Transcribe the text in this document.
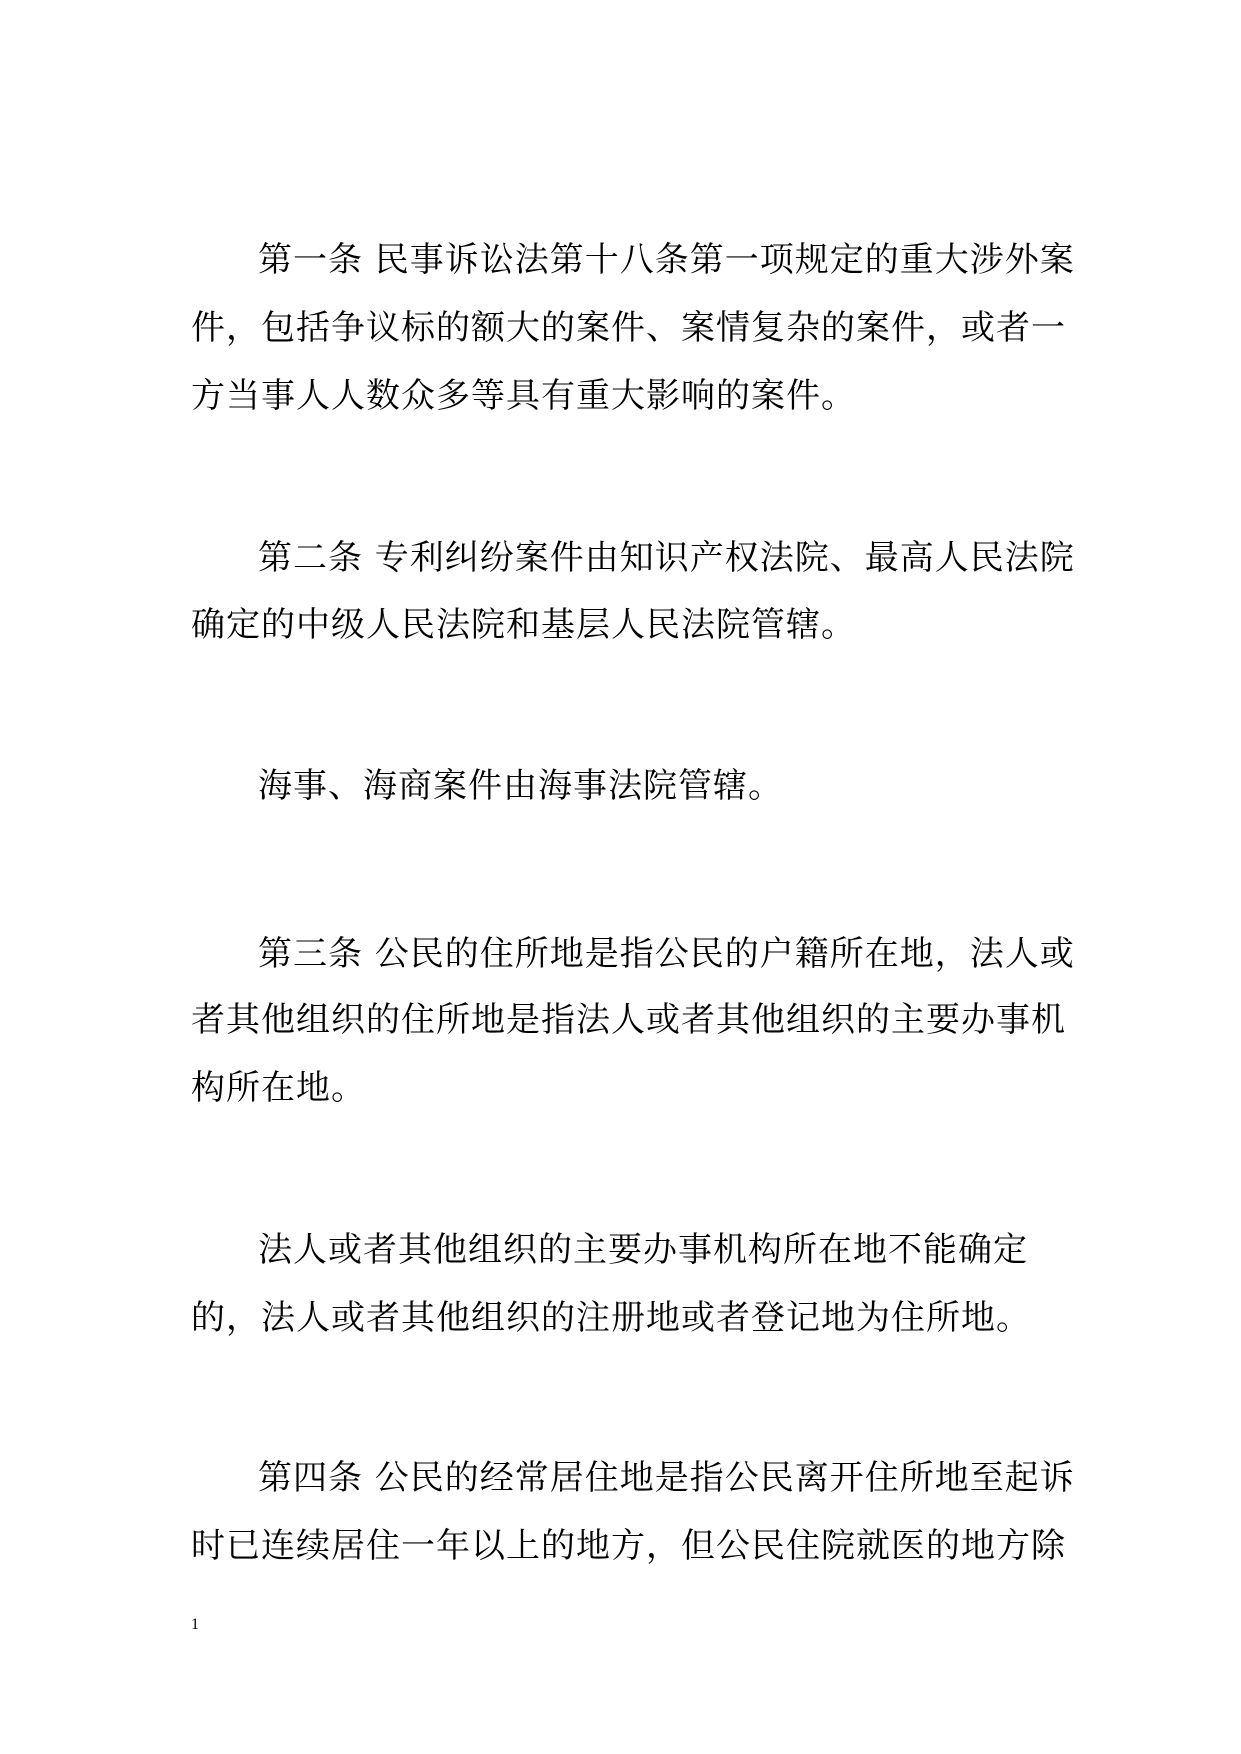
第一条 民事诉讼法第十八条第一项规定的重大涉外案
件，包括争议标的额大的案件、案情复杂的案件，或者一
方当事人人数众多等具有重大影响的案件。
第二条 专利纠纷案件由知识产权法院、最高人民法院
确定的中级人民法院和基层人民法院管辖。
海事、海商案件由海事法院管辖。
第三条 公民的住所地是指公民的户籍所在地，法人或
者其他组织的住所地是指法人或者其他组织的主要办事机
构所在地。
法人或者其他组织的主要办事机构所在地不能确定
的，法人或者其他组织的注册地或者登记地为住所地。
第四条 公民的经常居住地是指公民离开住所地至起诉
时已连续居住一年以上的地方，但公民住院就医的地方除
1
